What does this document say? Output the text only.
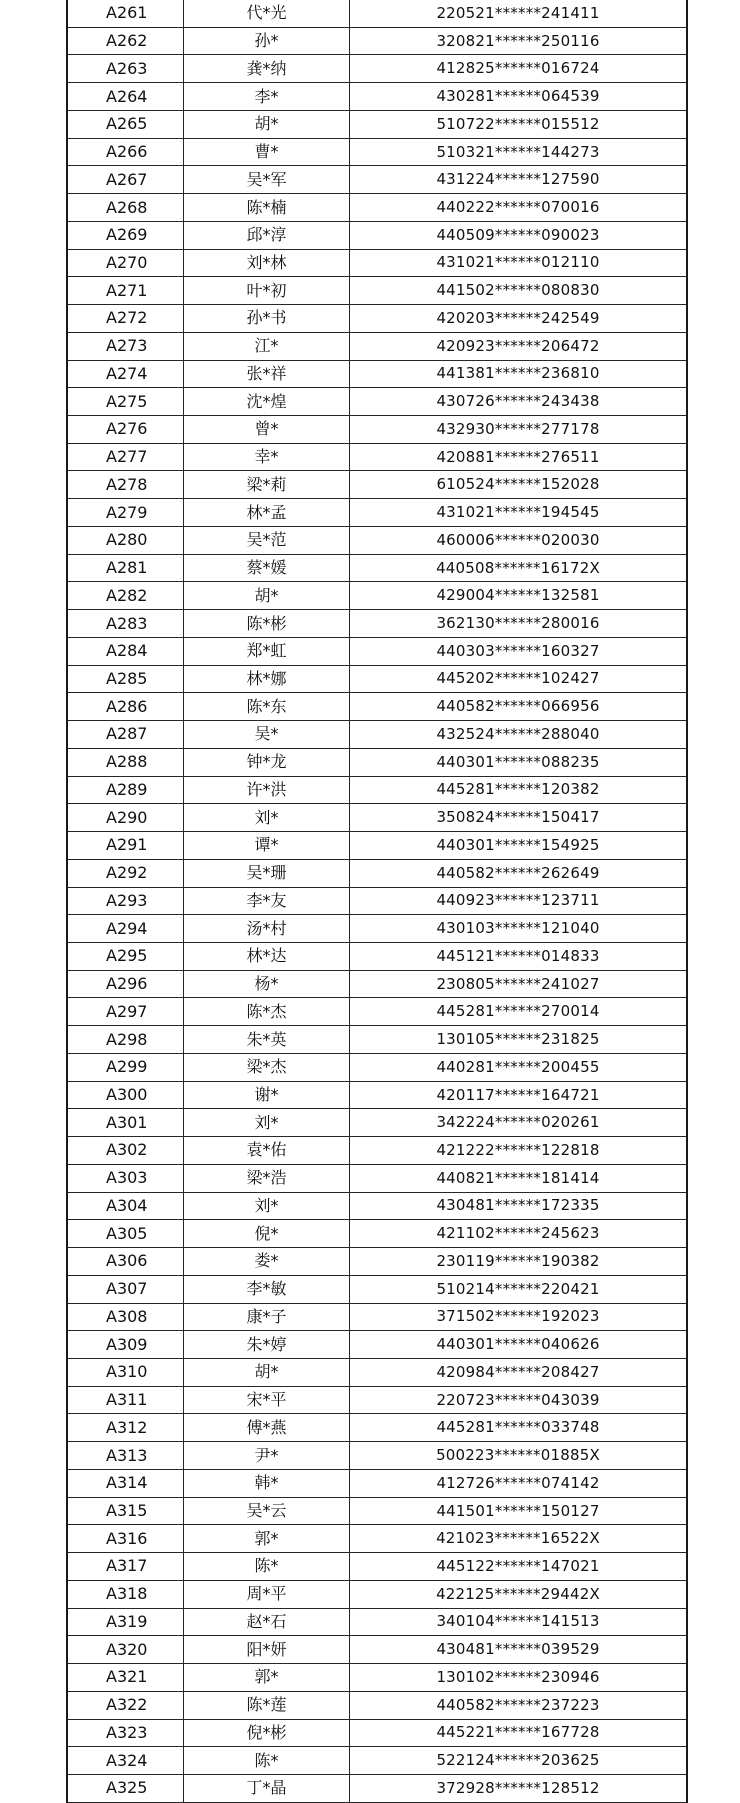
A261	代*光	220521******241411
A262	孙*	320821******250116
A263	龚*纳	412825******016724
A264	李*	430281******064539
A265	胡*	510722******015512
A266	曹*	510321******144273
A267	吴*军	431224******127590
A268	陈*楠	440222******070016
A269	邱*淳	440509******090023
A270	刘*林	431021******012110
A271	叶*初	441502******080830
A272	孙*书	420203******242549
A273	江*	420923******206472
A274	张*祥	441381******236810
A275	沈*煌	430726******243438
A276	曾*	432930******277178
A277	幸*	420881******276511
A278	梁*莉	610524******152028
A279	林*孟	431021******194545
A280	吴*范	460006******020030
A281	蔡*媛	440508******16172X
A282	胡*	429004******132581
A283	陈*彬	362130******280016
A284	郑*虹	440303******160327
A285	林*娜	445202******102427
A286	陈*东	440582******066956
A287	吴*	432524******288040
A288	钟*龙	440301******088235
A289	许*洪	445281******120382
A290	刘*	350824******150417
A291	谭*	440301******154925
A292	吴*珊	440582******262649
A293	李*友	440923******123711
A294	汤*村	430103******121040
A295	林*达	445121******014833
A296	杨*	230805******241027
A297	陈*杰	445281******270014
A298	朱*英	130105******231825
A299	梁*杰	440281******200455
A300	谢*	420117******164721
A301	刘*	342224******020261
A302	袁*佑	421222******122818
A303	梁*浩	440821******181414
A304	刘*	430481******172335
A305	倪*	421102******245623
A306	娄*	230119******190382
A307	李*敏	510214******220421
A308	康*子	371502******192023
A309	朱*婷	440301******040626
A310	胡*	420984******208427
A311	宋*平	220723******043039
A312	傅*燕	445281******033748
A313	尹*	500223******01885X
A314	韩*	412726******074142
A315	吴*云	441501******150127
A316	郭*	421023******16522X
A317	陈*	445122******147021
A318	周*平	422125******29442X
A319	赵*石	340104******141513
A320	阳*妍	430481******039529
A321	郭*	130102******230946
A322	陈*莲	440582******237223
A323	倪*彬	445221******167728
A324	陈*	522124******203625
A325	丁*晶	372928******128512
